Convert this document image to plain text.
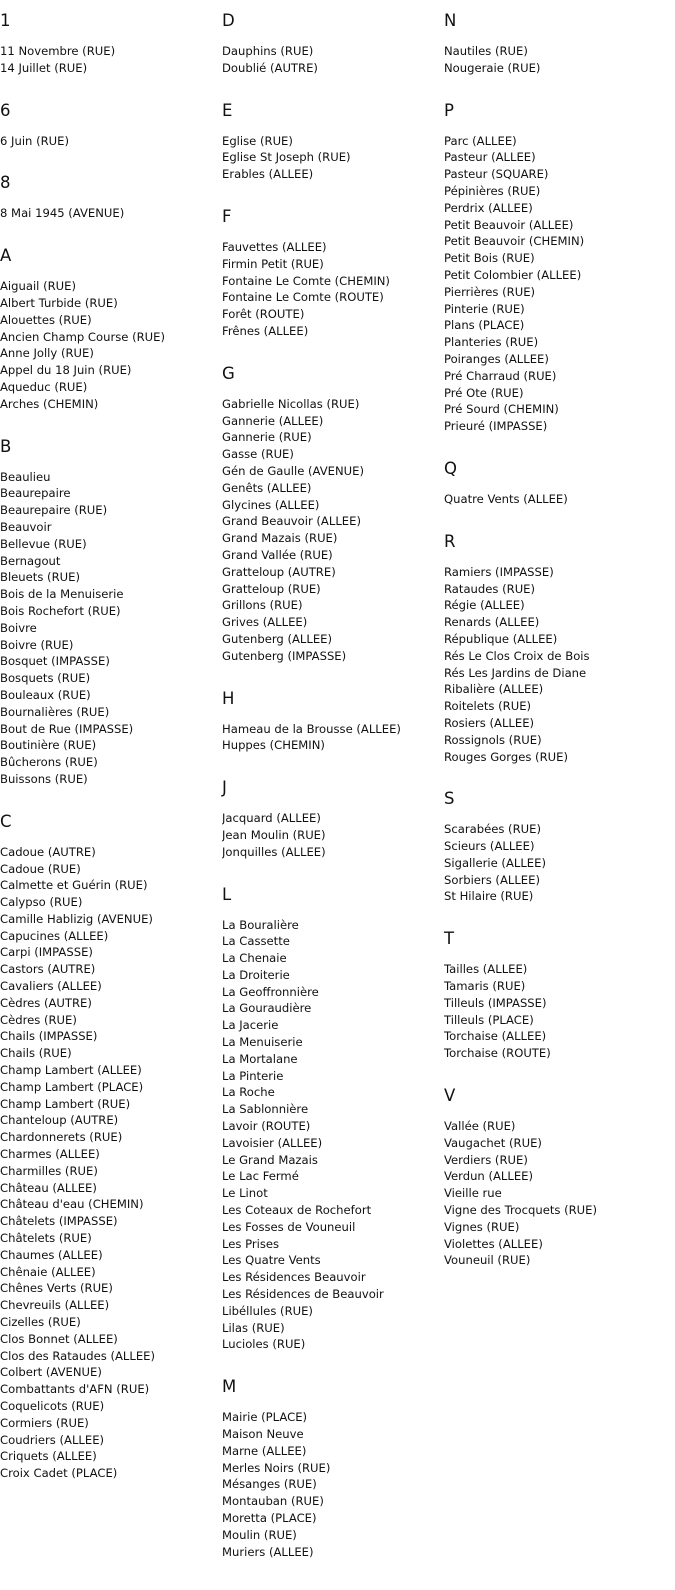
1
11 Novembre (RUE)
14 Juillet (RUE)
6
6 Juin (RUE)
8
8 Mai 1945 (AVENUE)
A
Aiguail (RUE)
Albert Turbide (RUE)
Alouettes (RUE)
Ancien Champ Course (RUE)
Anne Jolly (RUE)
Appel du 18 Juin (RUE)
Aqueduc (RUE)
Arches (CHEMIN)
B
Beaulieu
Beaurepaire
Beaurepaire (RUE)
Beauvoir
Bellevue (RUE)
Bernagout
Bleuets (RUE)
Bois de la Menuiserie
Bois Rochefort (RUE)
Boivre
Boivre (RUE)
Bosquet (IMPASSE)
Bosquets (RUE)
Bouleaux (RUE)
Bournalières (RUE)
Bout de Rue (IMPASSE)
Boutinière (RUE)
Bûcherons (RUE)
Buissons (RUE)
C
Cadoue (AUTRE)
Cadoue (RUE)
Calmette et Guérin (RUE)
Calypso (RUE)
Camille Hablizig (AVENUE)
Capucines (ALLEE)
Carpi (IMPASSE)
Castors (AUTRE)
Cavaliers (ALLEE)
Cèdres (AUTRE)
Cèdres (RUE)
Chails (IMPASSE)
Chails (RUE)
Champ Lambert (ALLEE)
Champ Lambert (PLACE)
Champ Lambert (RUE)
Chanteloup (AUTRE)
Chardonnerets (RUE)
Charmes (ALLEE)
Charmilles (RUE)
Château (ALLEE)
Château d'eau (CHEMIN)
Châtelets (IMPASSE)
Châtelets (RUE)
Chaumes (ALLEE)
Chênaie (ALLEE)
Chênes Verts (RUE)
Chevreuils (ALLEE)
Cizelles (RUE)
Clos Bonnet (ALLEE)
Clos des Rataudes (ALLEE)
Colbert (AVENUE)
Combattants d'AFN (RUE)
Coquelicots (RUE)
Cormiers (RUE)
Coudriers (ALLEE)
Criquets (ALLEE)
Croix Cadet (PLACE)
D
Dauphins (RUE)
Doublié (AUTRE)
E
Eglise (RUE)
Eglise St Joseph (RUE)
Erables (ALLEE)
F
Fauvettes (ALLEE)
Firmin Petit (RUE)
Fontaine Le Comte (CHEMIN)
Fontaine Le Comte (ROUTE)
Forêt (ROUTE)
Frênes (ALLEE)
G
Gabrielle Nicollas (RUE)
Gannerie (ALLEE)
Gannerie (RUE)
Gasse (RUE)
Gén de Gaulle (AVENUE)
Genêts (ALLEE)
Glycines (ALLEE)
Grand Beauvoir (ALLEE)
Grand Mazais (RUE)
Grand Vallée (RUE)
Gratteloup (AUTRE)
Gratteloup (RUE)
Grillons (RUE)
Grives (ALLEE)
Gutenberg (ALLEE)
Gutenberg (IMPASSE)
H
Hameau de la Brousse (ALLEE)
Huppes (CHEMIN)
J
Jacquard (ALLEE)
Jean Moulin (RUE)
Jonquilles (ALLEE)
L
La Bouralière
La Cassette
La Chenaie
La Droiterie
La Geoffronnière
La Gouraudière
La Jacerie
La Menuiserie
La Mortalane
La Pinterie
La Roche
La Sablonnière
Lavoir (ROUTE)
Lavoisier (ALLEE)
Le Grand Mazais
Le Lac Fermé
Le Linot
Les Coteaux de Rochefort
Les Fosses de Vouneuil
Les Prises
Les Quatre Vents
Les Résidences Beauvoir
Les Résidences de Beauvoir
Libéllules (RUE)
Lilas (RUE)
Lucioles (RUE)
M
Mairie (PLACE)
Maison Neuve
Marne (ALLEE)
Merles Noirs (RUE)
Mésanges (RUE)
Montauban (RUE)
Moretta (PLACE)
Moulin (RUE)
Muriers (ALLEE)
N
Nautiles (RUE)
Nougeraie (RUE)
P
Parc (ALLEE)
Pasteur (ALLEE)
Pasteur (SQUARE)
Pépinières (RUE)
Perdrix (ALLEE)
Petit Beauvoir (ALLEE)
Petit Beauvoir (CHEMIN)
Petit Bois (RUE)
Petit Colombier (ALLEE)
Pierrières (RUE)
Pinterie (RUE)
Plans (PLACE)
Planteries (RUE)
Poiranges (ALLEE)
Pré Charraud (RUE)
Pré Ote (RUE)
Pré Sourd (CHEMIN)
Prieuré (IMPASSE)
Q
Quatre Vents (ALLEE)
R
Ramiers (IMPASSE)
Rataudes (RUE)
Régie (ALLEE)
Renards (ALLEE)
République (ALLEE)
Rés Le Clos Croix de Bois
Rés Les Jardins de Diane
Ribalière (ALLEE)
Roitelets (RUE)
Rosiers (ALLEE)
Rossignols (RUE)
Rouges Gorges (RUE)
S
Scarabées (RUE)
Scieurs (ALLEE)
Sigallerie (ALLEE)
Sorbiers (ALLEE)
St Hilaire (RUE)
T
Tailles (ALLEE)
Tamaris (RUE)
Tilleuls (IMPASSE)
Tilleuls (PLACE)
Torchaise (ALLEE)
Torchaise (ROUTE)
V
Vallée (RUE)
Vaugachet (RUE)
Verdiers (RUE)
Verdun (ALLEE)
Vieille rue
Vigne des Trocquets (RUE)
Vignes (RUE)
Violettes (ALLEE)
Vouneuil (RUE)
